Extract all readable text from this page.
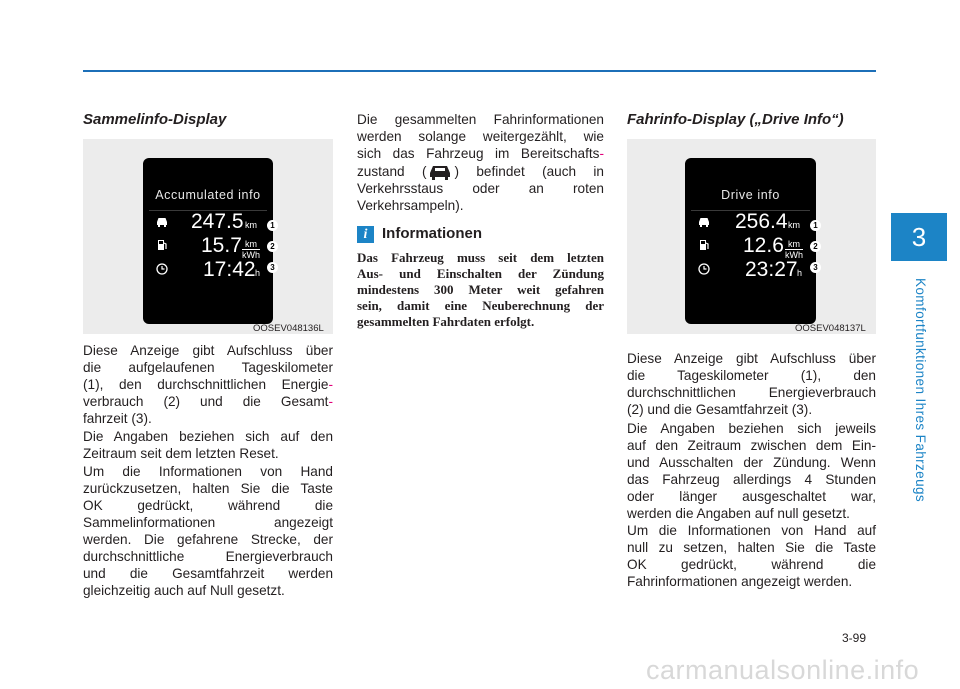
3
Komfortfunktionen Ihres Fahrzeugs
Sammelinfo-Display
Accumulated info
247.5 km
15.7 km
kWh
17:42 h
1
2
3
OOSEV048136L
Diese Anzeige gibt Aufschluss über
die aufgelaufenen Tageskilometer
(1), den durchschnittlichen Energie-
verbrauch (2) und die Gesamt-
fahrzeit (3).
Die Angaben beziehen sich auf den
Zeitraum seit dem letzten Reset.
Um die Informationen von Hand
zurückzusetzen, halten Sie die Taste
OK gedrückt, während die
Sammelinformationen angezeigt
werden. Die gefahrene Strecke, der
durchschnittliche Energieverbrauch
und die Gesamtfahrzeit werden
gleichzeitig auch auf Null gesetzt.
Die gesammelten Fahrinformationen
werden solange weitergezählt, wie
sich das Fahrzeug im Bereitschafts-
zustand ( ) befindet (auch in
Verkehrsstaus oder an roten
Verkehrsampeln).
i Informationen
Das Fahrzeug muss seit dem letzten
Aus- und Einschalten der Zündung
mindestens 300 Meter weit gefahren
sein, damit eine Neuberechnung der
gesammelten Fahrdaten erfolgt.
Fahrinfo-Display („Drive Info“)
Drive info
256.4 km
12.6 km
kWh
23:27 h
1
2
3
OOSEV048137L
Diese Anzeige gibt Aufschluss über
die Tageskilometer (1), den
durchschnittlichen Energieverbrauch
(2) und die Gesamtfahrzeit (3).
Die Angaben beziehen sich jeweils
auf den Zeitraum zwischen dem Ein-
und Ausschalten der Zündung. Wenn
das Fahrzeug allerdings 4 Stunden
oder länger ausgeschaltet war,
werden die Angaben auf null gesetzt.
Um die Informationen von Hand auf
null zu setzen, halten Sie die Taste
OK gedrückt, während die
Fahrinformationen angezeigt werden.
3-99
carmanualsonline.info
